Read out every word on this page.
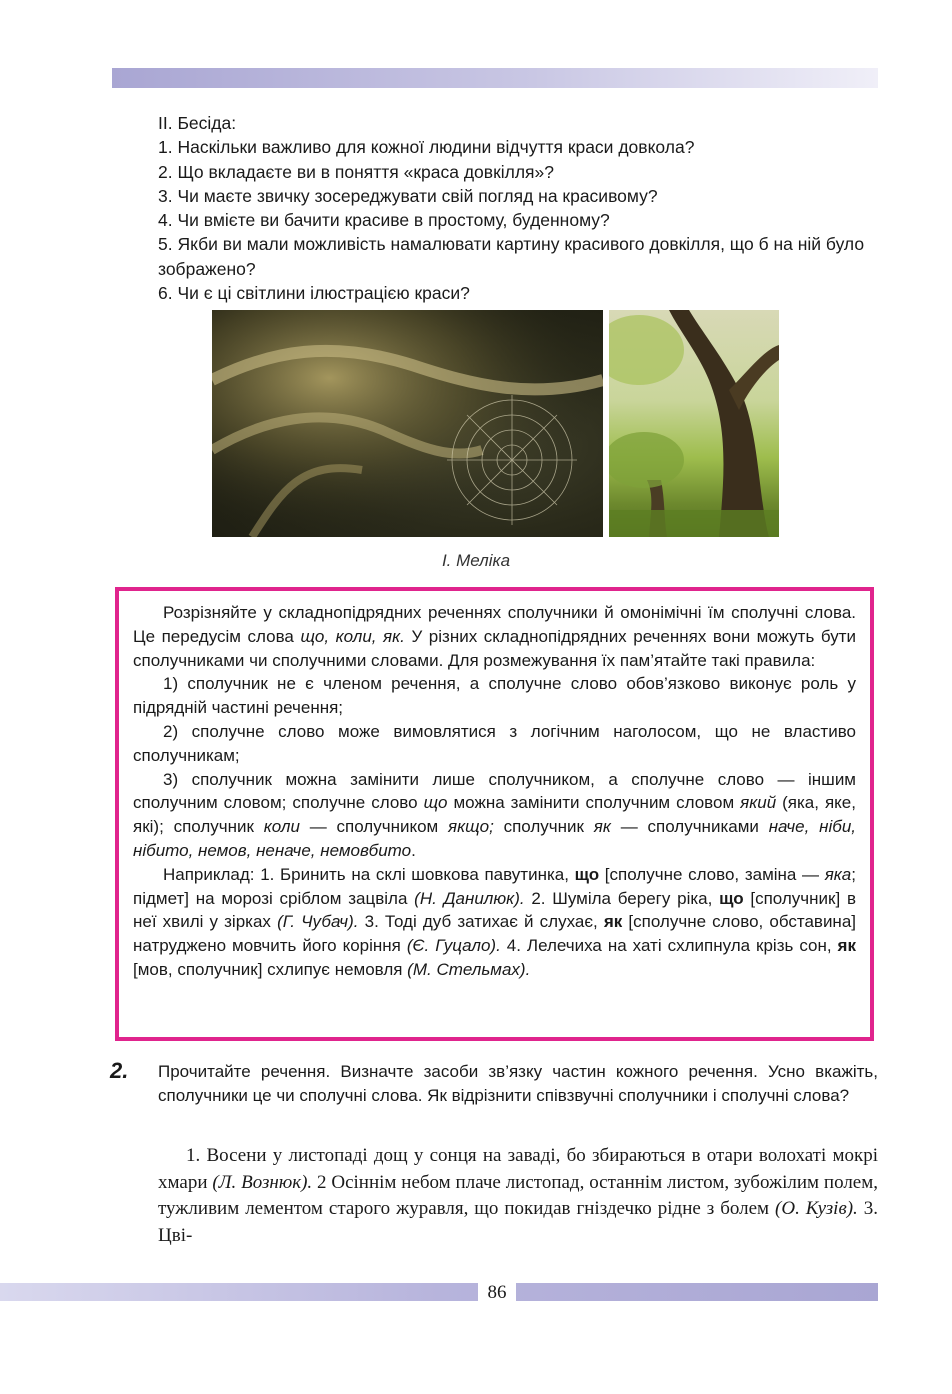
ІІ. Бесіда:

1. Наскільки важливо для кожної людини відчуття краси довкола?

2. Що вкладаєте ви в поняття «краса довкілля»?

3. Чи маєте звичку зосереджувати свій погляд на красивому?

4. Чи вмієте ви бачити красиве в простому, буденному?

5. Якби ви мали можливість намалювати картину красивого довкілля, що б на ній було зображено?

6. Чи є ці світлини ілюстрацією краси?

І. Меліка

Розрізняйте у складнопідрядних реченнях сполучники й омонімічні їм сполучні слова. Це передусім слова що, коли, як. У різних складнопідрядних реченнях вони можуть бути сполучниками чи сполучними словами. Для розмежування їх пам’ятайте такі правила:

1) сполучник не є членом речення, а сполучне слово обов’язково виконує роль у підрядній частині речення;

2) сполучне слово може вимовлятися з логічним наголосом, що не властиво сполучникам;

3) сполучник можна замінити лише сполучником, а сполучне слово — іншим сполучним словом; сполучне слово що можна замінити сполучним словом який (яка, яке, які); сполучник коли — сполучником якщо; сполучник як — сполучниками наче, ніби, нібито, немов, неначе, немовбито.

Наприклад: 1. Бринить на склі шовкова павутинка, що [сполучне слово, заміна — яка; підмет] на морозі сріблом зацвіла (Н. Данилюк). 2. Шуміла берегу ріка, що [сполучник] в неї хвилі у зірках (Г. Чубач). 3. Тоді дуб затихає й слухає, як [сполучне слово, обставина] натруджено мовчить його коріння (Є. Гуцало). 4. Лелечиха на хаті схлипнула крізь сон, як [мов, сполучник] схлипує немовля (М. Стельмах).

2. Прочитайте речення. Визначте засоби зв’язку частин кожного речення. Усно вкажіть, сполучники це чи сполучні слова. Як відрізнити співзвучні сполучники і сполучні слова?
1. Восени у листопаді дощ у сонця на заваді, бо збираються в отари волохаті мокрі хмари (Л. Вознюк). 2 Осіннім небом плаче листопад, останнім листом, зубожілим полем, тужливим лементом старого журавля, що покидав гніздечко рідне з болем (О. Кузів). 3. Цві-
86
